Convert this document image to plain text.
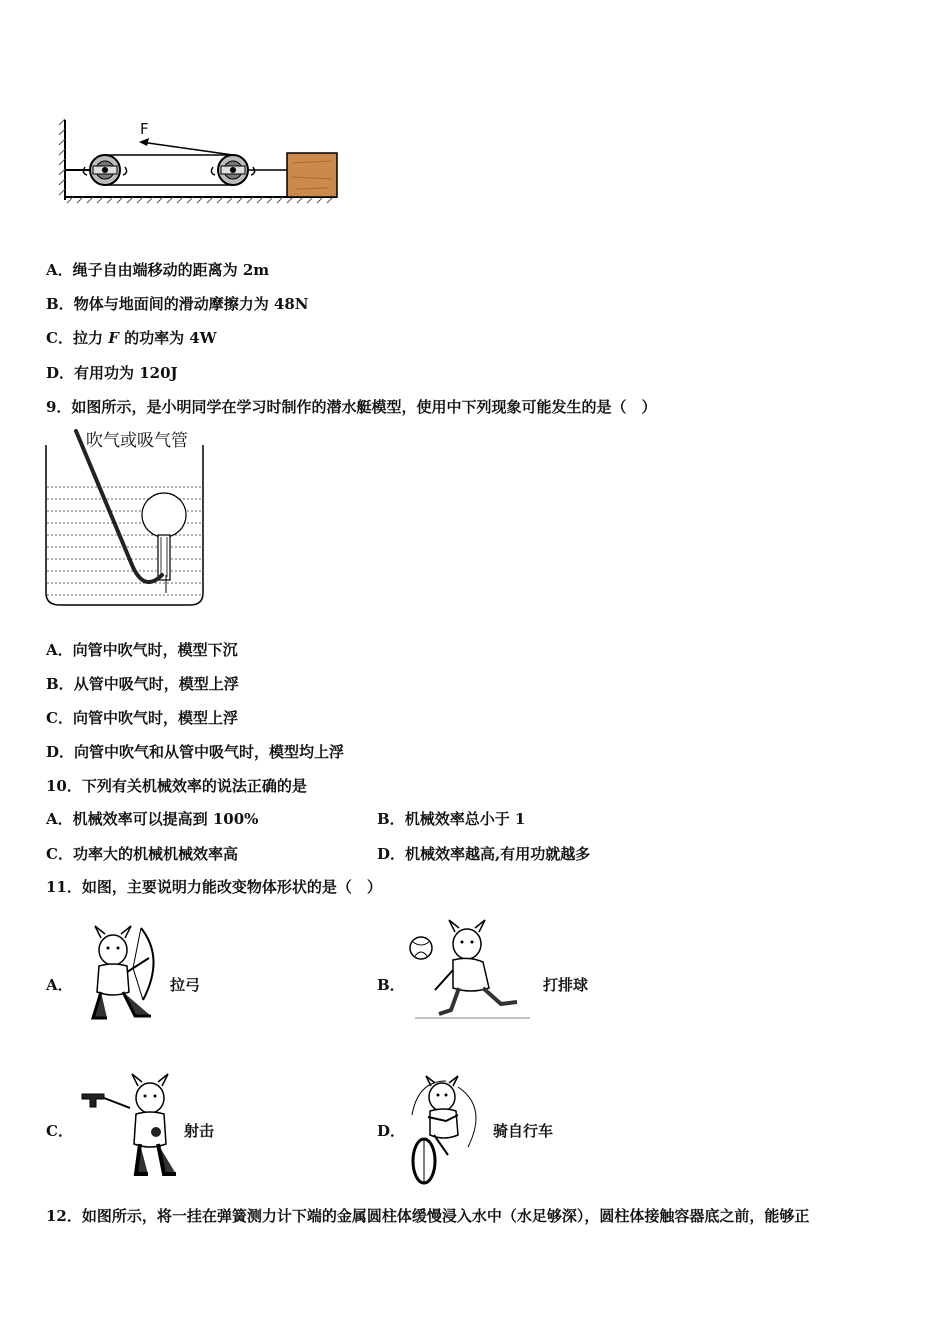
F
A．绳子自由端移动的距离为 2m
B．物体与地面间的滑动摩擦力为 48N
C．拉力 F 的功率为 4W
D．有用功为 120J
9．如图所示，是小明同学在学习时制作的潜水艇模型，使用中下列现象可能发生的是（　）
吹气或吸气管
A．向管中吹气时，模型下沉
B．从管中吸气时，模型上浮
C．向管中吹气时，模型上浮
D．向管中吹气和从管中吸气时，模型均上浮
10．下列有关机械效率的说法正确的是
A．机械效率可以提高到 100%	B．机械效率总小于 1
C．功率大的机械机械效率高	D．机械效率越高,有用功就越多
11．如图，主要说明力能改变物体形状的是（　）
A．	拉弓	B．	打排球
C．	射击	D．	骑自行车
12．如图所示，将一挂在弹簧测力计下端的金属圆柱体缓慢浸入水中（水足够深），圆柱体接触容器底之前，能够正
